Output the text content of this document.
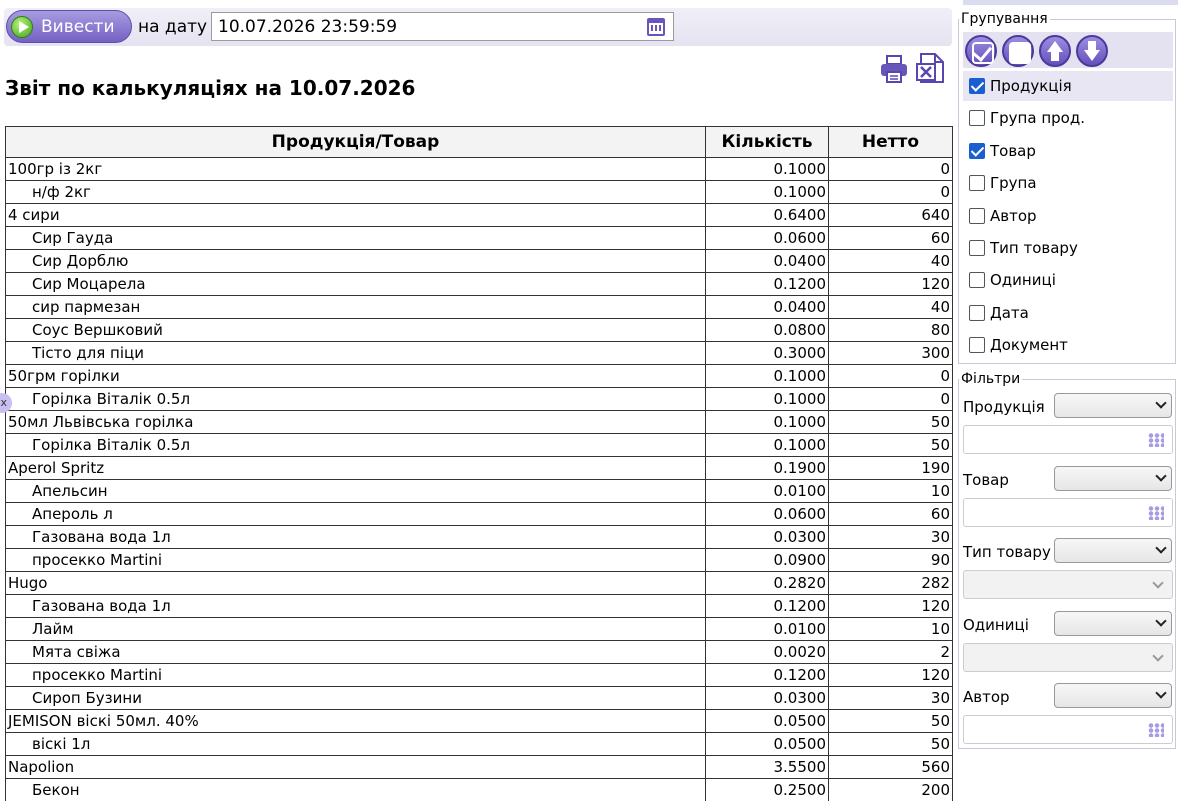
Вивести на дату
10.07.2026 23:59:59
Звіт по калькуляціях на 10.07.2026
Продукція/Товар	Кількість	Нетто
100гр із 2кг	0.1000	0
н/ф 2кг	0.1000	0
4 сири	0.6400	640
Сир Гауда	0.0600	60
Сир Дорблю	0.0400	40
Сир Моцарела	0.1200	120
сир пармезан	0.0400	40
Соус Вершковий	0.0800	80
Тісто для піци	0.3000	300
50грм горілки	0.1000	0
Горілка Віталік 0.5л	0.1000	0
50мл Львівська горілка	0.1000	50
Горілка Віталік 0.5л	0.1000	50
Aperol Spritz	0.1900	190
Апельсин	0.0100	10
Апероль л	0.0600	60
Газована вода 1л	0.0300	30
просекко Martini	0.0900	90
Hugo	0.2820	282
Газована вода 1л	0.1200	120
Лайм	0.0100	10
Мята свіжа	0.0020	2
просекко Martini	0.1200	120
Сироп Бузини	0.0300	30
JEMISON віскі 50мл. 40%	0.0500	50
віскі 1л	0.0500	50
Napolion	3.5500	560
Бекон	0.2500	200
x
Групування
Продукція
Група прод.
Товар
Група
Автор
Тип товару
Одиниці
Дата
Документ
Фільтри
Продукція
Товар
Тип товару
Одиниці
Автор
